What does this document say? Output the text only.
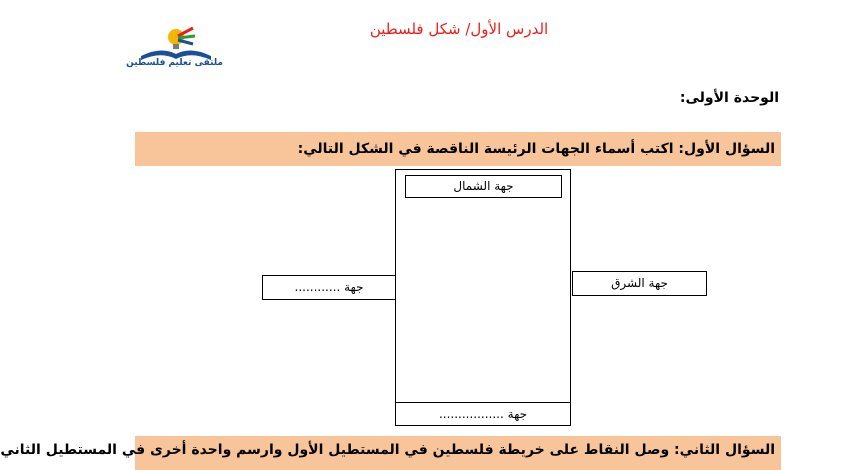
الدرس الأول/ شكل فلسطين
ملتقى تعليم فلسطين
الوحدة الأولى:
السؤال الأول: اكتب أسماء الجهات الرئيسة الناقصة في الشكل التالي:
جهة الشمال
جهة ............	جهة الشرق
جهة .................
السؤال الثاني: وصل النقاط على خريطة فلسطين في المستطيل الأول وارسم واحدة أخرى في المستطيل الثاني
